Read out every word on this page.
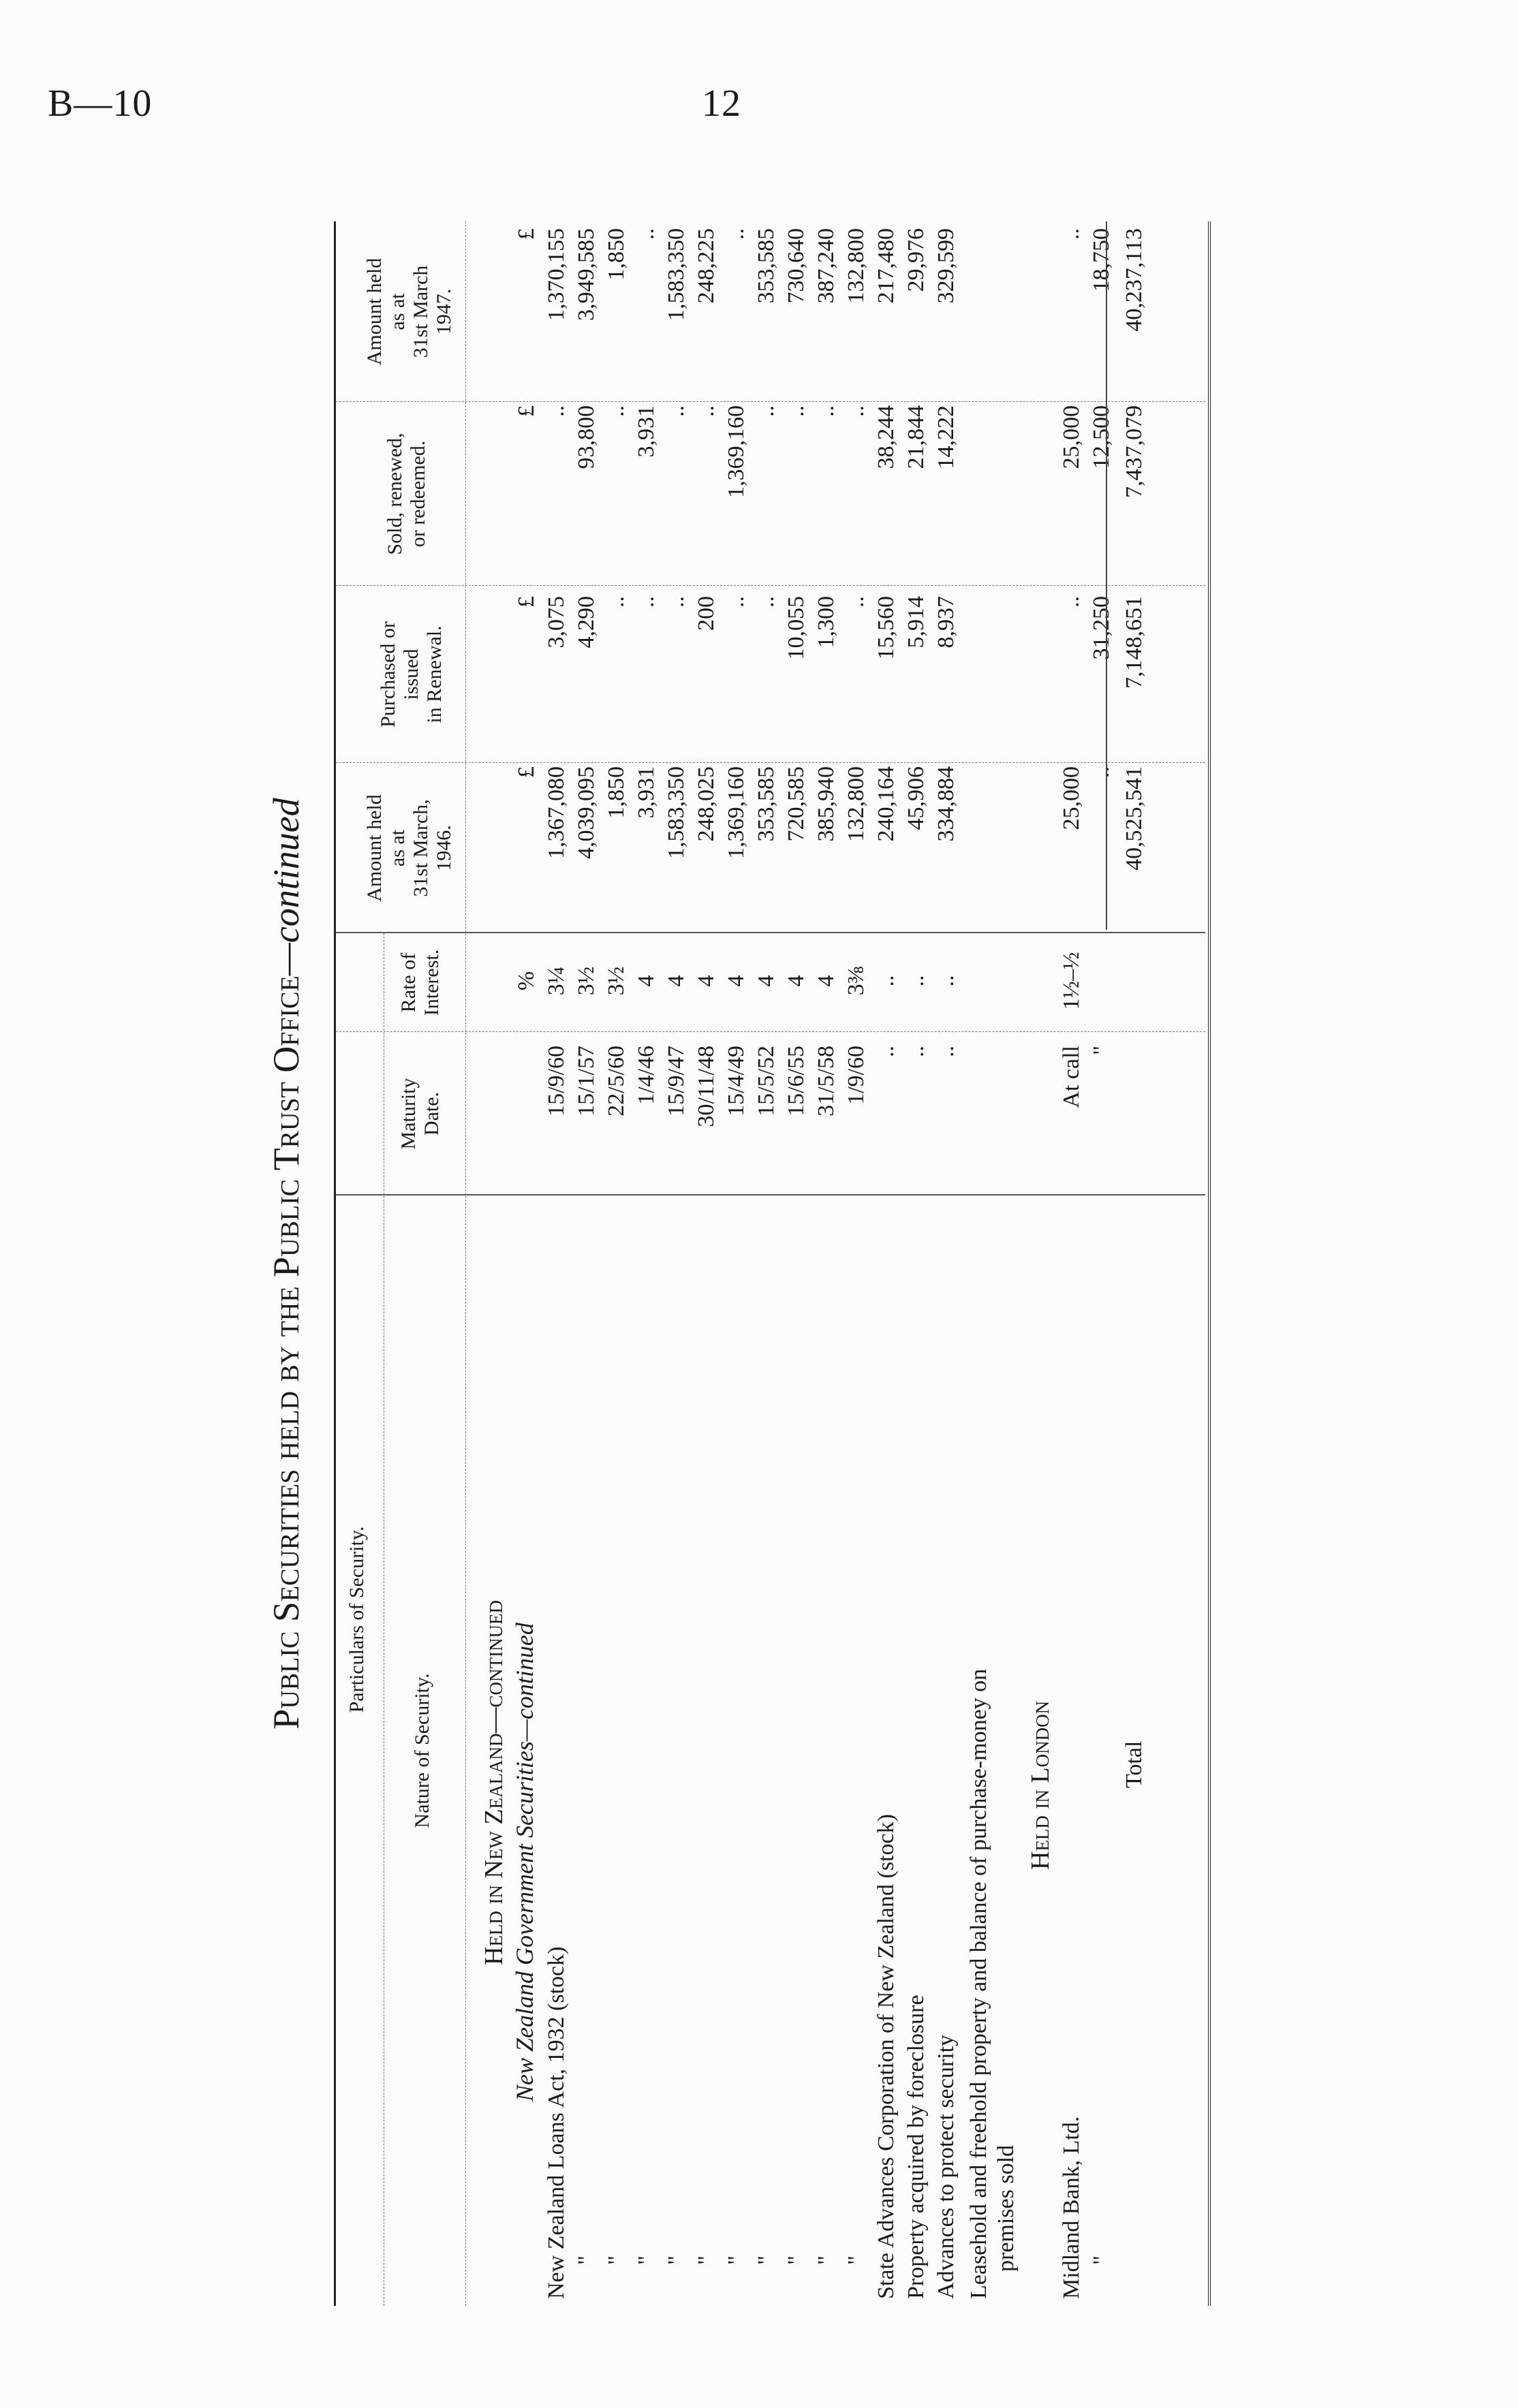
B—10	12
Public Securities held by the Public Trust Office—continued
Particulars of Security.
Nature of Security.
Maturity
Date.
Rate of
Interest.
Amount held
as at
31st March,
1946.
Purchased or
issued
in Renewal.
Sold, renewed,
or redeemed.
Amount held
as at
31st March
1947.
Held in New Zealand—continued New Zealand Government Securities—continued
%
£
£
£
£
New Zealand Loans Act, 1932 (stock)
15/9/60
3¼
1,367,080
3,075
..
1,370,155
"
15/1/57
3½
4,039,095
4,290
93,800
3,949,585
"
22/5/60
3½
1,850
..
..
1,850
"
1/4/46
4
3,931
..
3,931
..
"
15/9/47
4
1,583,350
..
..
1,583,350
"
30/11/48
4
248,025
200
..
248,225
"
15/4/49
4
1,369,160
..
1,369,160
..
"
15/5/52
4
353,585
..
..
353,585
"
15/6/55
4
720,585
10,055
..
730,640
"
31/5/58
4
385,940
1,300
..
387,240
"
1/9/60
3⅜
132,800
..
..
132,800
State Advances Corporation of New Zealand (stock)
..
..
240,164
15,560
38,244
217,480
Property acquired by foreclosure
..
..
45,906
5,914
21,844
29,976
Advances to protect security
..
..
334,884
8,937
14,222
329,599
Leasehold and freehold property and balance of purchase-money on premises sold
Held in London
Midland Bank, Ltd.
At call
1½–½
25,000
..
25,000
..
"
"
..
31,250
12,500
18,750
Total
40,525,541
7,148,651
7,437,079
40,237,113
